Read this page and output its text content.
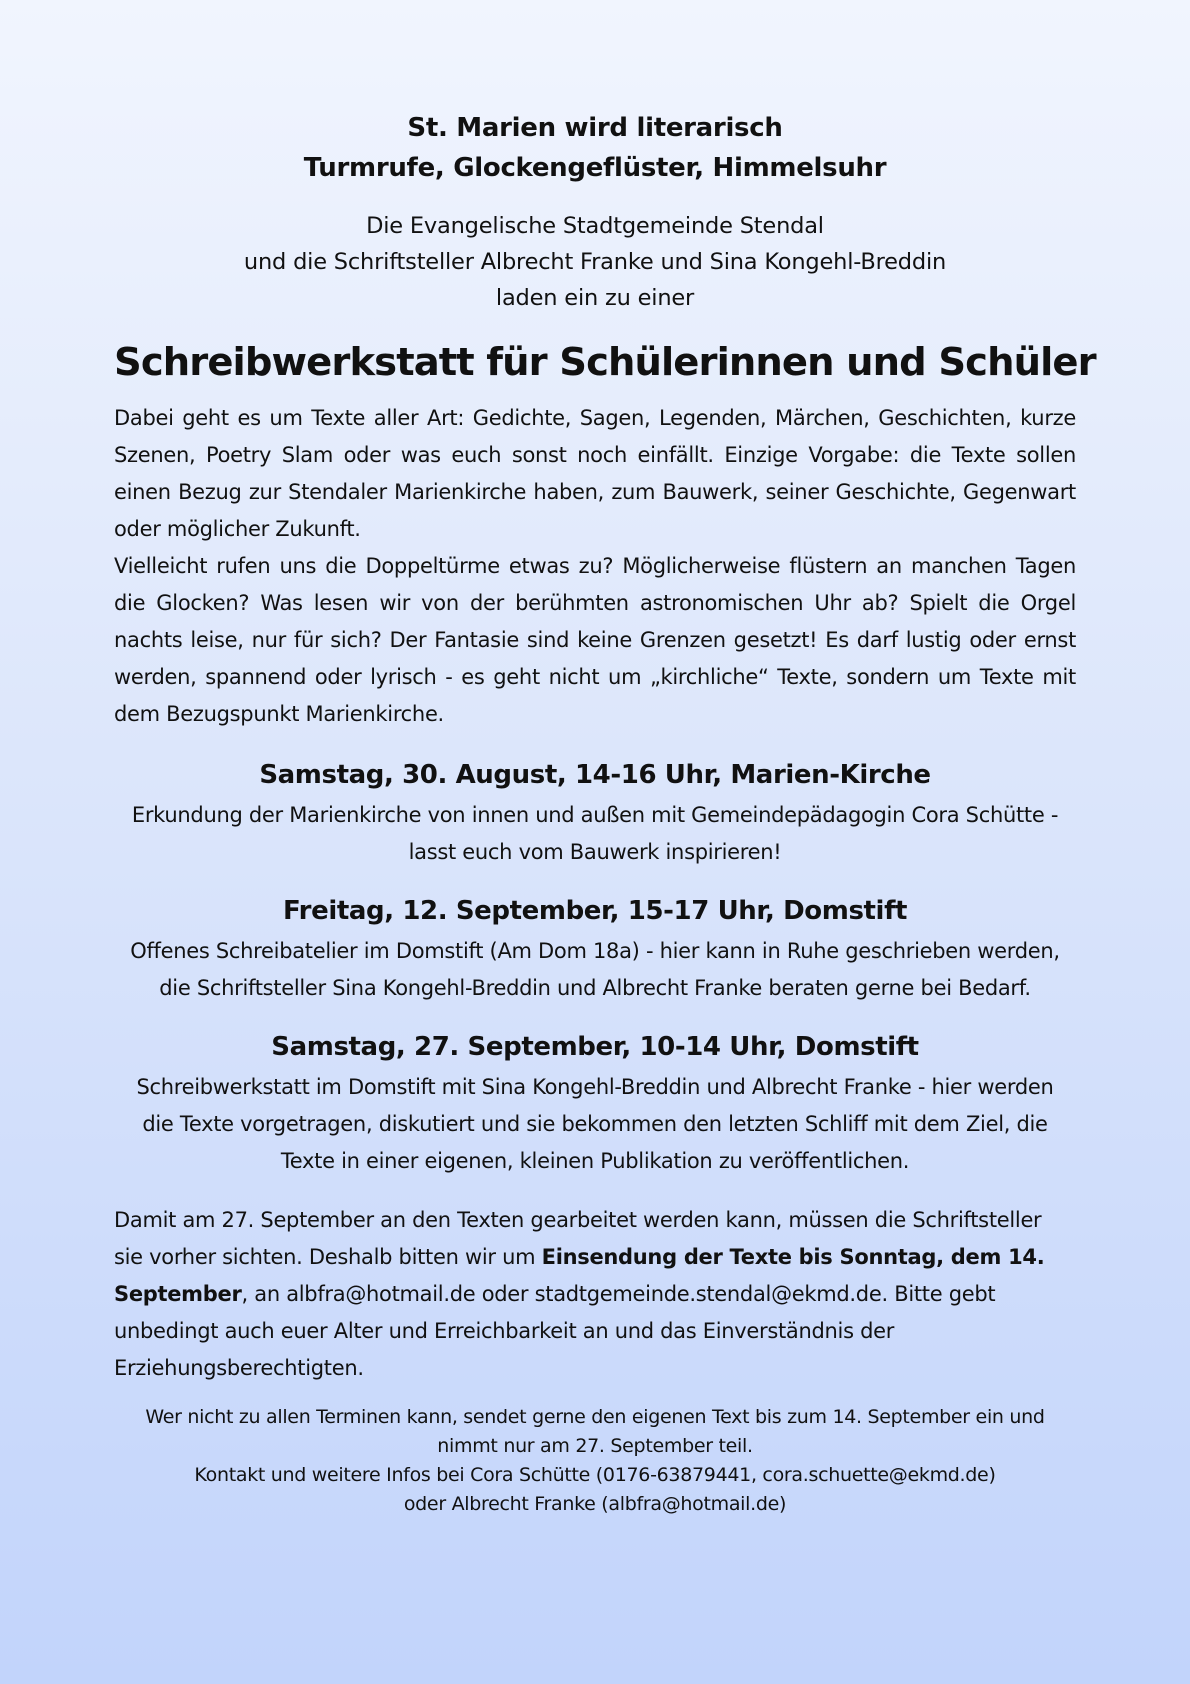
St. Marien wird literarisch
Turmrufe, Glockengeflüster, Himmelsuhr
Die Evangelische Stadtgemeinde Stendal
und die Schriftsteller Albrecht Franke und Sina Kongehl-Breddin
laden ein zu einer
Schreibwerkstatt für Schülerinnen und Schüler

Dabei geht es um Texte aller Art: Gedichte, Sagen, Legenden, Märchen, Geschichten, kurze Szenen, Poetry Slam oder was euch sonst noch einfällt. Einzige Vorgabe: die Texte sollen einen Bezug zur Stendaler Marienkirche haben, zum Bauwerk, seiner Geschichte, Gegenwart oder möglicher Zukunft.

Vielleicht rufen uns die Doppeltürme etwas zu? Möglicherweise flüstern an manchen Tagen die Glocken? Was lesen wir von der berühmten astronomischen Uhr ab? Spielt die Orgel nachts leise, nur für sich? Der Fantasie sind keine Grenzen gesetzt! Es darf lustig oder ernst werden, spannend oder lyrisch - es geht nicht um „kirchliche“ Texte, sondern um Texte mit dem Bezugspunkt Marienkirche.

Samstag, 30. August, 14-16 Uhr, Marien-Kirche
Erkundung der Marienkirche von innen und außen mit Gemeindepädagogin Cora Schütte -
lasst euch vom Bauwerk inspirieren!
Freitag, 12. September, 15-17 Uhr, Domstift
Offenes Schreibatelier im Domstift (Am Dom 18a) - hier kann in Ruhe geschrieben werden,
die Schriftsteller Sina Kongehl-Breddin und Albrecht Franke beraten gerne bei Bedarf.
Samstag, 27. September, 10-14 Uhr, Domstift
Schreibwerkstatt im Domstift mit Sina Kongehl-Breddin und Albrecht Franke - hier werden
die Texte vorgetragen, diskutiert und sie bekommen den letzten Schliff mit dem Ziel, die
Texte in einer eigenen, kleinen Publikation zu veröffentlichen.
Damit am 27. September an den Texten gearbeitet werden kann, müssen die Schriftsteller sie vorher sichten. Deshalb bitten wir um Einsendung der Texte bis Sonntag, dem 14. September, an albfra@hotmail.de oder stadtgemeinde.stendal@ekmd.de. Bitte gebt unbedingt auch euer Alter und Erreichbarkeit an und das Einverständnis der Erziehungsberechtigten.
Wer nicht zu allen Terminen kann, sendet gerne den eigenen Text bis zum 14. September ein und
nimmt nur am 27. September teil.
Kontakt und weitere Infos bei Cora Schütte (0176-63879441, cora.schuette@ekmd.de)
oder Albrecht Franke (albfra@hotmail.de)
